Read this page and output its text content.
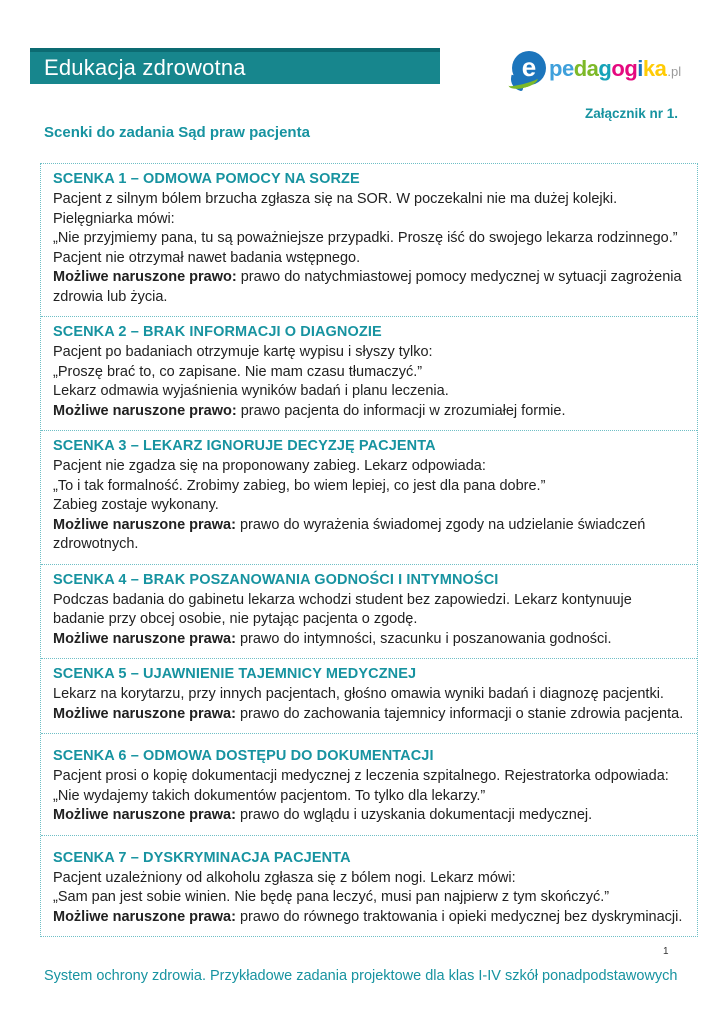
Edukacja zdrowotna	e p e d a g o g i k a .pl
Załącznik nr 1.
Scenki do zadania Sąd praw pacjenta
SCENKA 1 – ODMOWA POMOCY NA SORZE
Pacjent z silnym bólem brzucha zgłasza się na SOR. W poczekalni nie ma dużej kolejki. Pielęgniarka mówi:
„Nie przyjmiemy pana, tu są poważniejsze przypadki. Proszę iść do swojego lekarza rodzinnego.”
Pacjent nie otrzymał nawet badania wstępnego.
Możliwe naruszone prawo: prawo do natychmiastowej pomocy medycznej w sytuacji zagrożenia zdrowia lub życia.
SCENKA 2 – BRAK INFORMACJI O DIAGNOZIE
Pacjent po badaniach otrzymuje kartę wypisu i słyszy tylko:
„Proszę brać to, co zapisane. Nie mam czasu tłumaczyć.”
Lekarz odmawia wyjaśnienia wyników badań i planu leczenia.
Możliwe naruszone prawo: prawo pacjenta do informacji w zrozumiałej formie.
SCENKA 3 – LEKARZ IGNORUJE DECYZJĘ PACJENTA
Pacjent nie zgadza się na proponowany zabieg. Lekarz odpowiada:
„To i tak formalność. Zrobimy zabieg, bo wiem lepiej, co jest dla pana dobre.”
Zabieg zostaje wykonany.
Możliwe naruszone prawa: prawo do wyrażenia świadomej zgody na udzielanie świadczeń zdrowotnych.
SCENKA 4 – BRAK POSZANOWANIA GODNOŚCI I INTYMNOŚCI
Podczas badania do gabinetu lekarza wchodzi student bez zapowiedzi. Lekarz kontynuuje badanie przy obcej osobie, nie pytając pacjenta o zgodę.
Możliwe naruszone prawa: prawo do intymności, szacunku i poszanowania godności.
SCENKA 5 – UJAWNIENIE TAJEMNICY MEDYCZNEJ
Lekarz na korytarzu, przy innych pacjentach, głośno omawia wyniki badań i diagnozę pacjentki.
Możliwe naruszone prawa: prawo do zachowania tajemnicy informacji o stanie zdrowia pacjenta.
SCENKA 6 – ODMOWA DOSTĘPU DO DOKUMENTACJI
Pacjent prosi o kopię dokumentacji medycznej z leczenia szpitalnego. Rejestratorka odpowiada:
„Nie wydajemy takich dokumentów pacjentom. To tylko dla lekarzy.”
Możliwe naruszone prawa: prawo do wglądu i uzyskania dokumentacji medycznej.
SCENKA 7 – DYSKRYMINACJA PACJENTA
Pacjent uzależniony od alkoholu zgłasza się z bólem nogi. Lekarz mówi:
„Sam pan jest sobie winien. Nie będę pana leczyć, musi pan najpierw z tym skończyć.”
Możliwe naruszone prawa: prawo do równego traktowania i opieki medycznej bez dyskryminacji.
1
System ochrony zdrowia. Przykładowe zadania projektowe dla klas I-IV szkół ponadpodstawowych
